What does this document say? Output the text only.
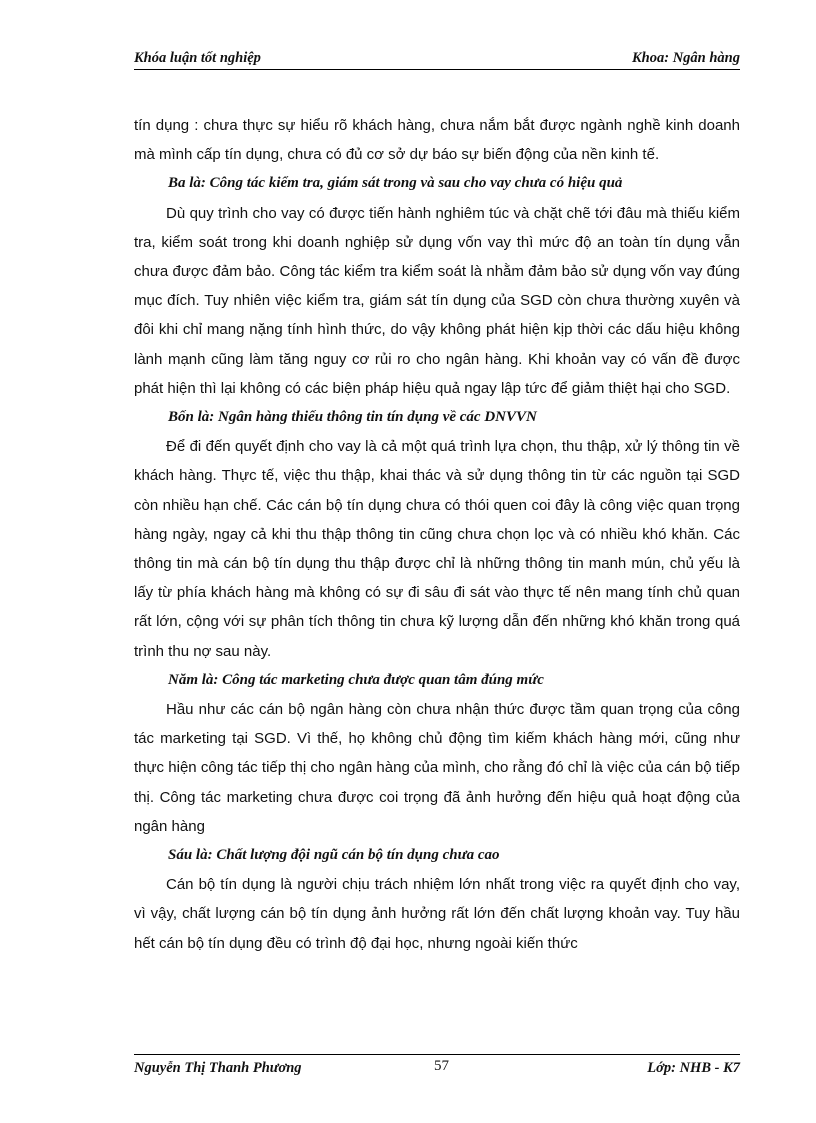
Khóa luận tốt nghiệp	Khoa: Ngân hàng

tín dụng : chưa thực sự hiểu rõ khách hàng, chưa nắm bắt được ngành nghề kinh doanh mà mình cấp tín dụng, chưa có đủ cơ sở dự báo sự biến động của nền kinh tế.

Ba là: Công tác kiểm tra, giám sát trong và sau cho vay chưa có hiệu quả

Dù quy trình cho vay có được tiến hành nghiêm túc và chặt chẽ tới đâu mà thiếu kiểm tra, kiểm soát trong khi doanh nghiệp sử dụng vốn vay thì mức độ an toàn tín dụng vẫn chưa được đảm bảo. Công tác kiểm tra kiểm soát là nhằm đảm bảo sử dụng vốn vay đúng mục đích. Tuy nhiên việc kiểm tra, giám sát tín dụng của SGD còn chưa thường xuyên và đôi khi chỉ mang nặng tính hình thức, do vậy không phát hiện kịp thời các dấu hiệu không lành mạnh cũng làm tăng nguy cơ rủi ro cho ngân hàng. Khi khoản vay có vấn đề được phát hiện thì lại không có các biện pháp hiệu quả ngay lập tức để giảm thiệt hại cho SGD.

Bốn là: Ngân hàng thiếu thông tin tín dụng về các DNVVN

Để đi đến quyết định cho vay là cả một quá trình lựa chọn, thu thập, xử lý thông tin về khách hàng. Thực tế, việc thu thập, khai thác và sử dụng thông tin từ các nguồn tại SGD còn nhiều hạn chế. Các cán bộ tín dụng chưa có thói quen coi đây là công việc quan trọng hàng ngày, ngay cả khi thu thập thông tin cũng chưa chọn lọc và có nhiều khó khăn. Các thông tin mà cán bộ tín dụng thu thập được chỉ là những thông tin manh mún, chủ yếu là lấy từ phía khách hàng mà không có sự đi sâu đi sát vào thực tế nên mang tính chủ quan rất lớn, cộng với sự phân tích thông tin chưa kỹ lượng dẫn đến những khó khăn trong quá trình thu nợ sau này.

Năm là: Công tác marketing chưa được quan tâm đúng mức

Hầu như các cán bộ ngân hàng còn chưa nhận thức được tầm quan trọng của công tác marketing tại SGD. Vì thế, họ không chủ động tìm kiếm khách hàng mới, cũng như thực hiện công tác tiếp thị cho ngân hàng của mình, cho rằng đó chỉ là việc của cán bộ tiếp thị. Công tác marketing chưa được coi trọng đã ảnh hưởng đến hiệu quả hoạt động của ngân hàng

Sáu là: Chất lượng đội ngũ cán bộ tín dụng chưa cao

Cán bộ tín dụng là người chịu trách nhiệm lớn nhất trong việc ra quyết định cho vay, vì vậy, chất lượng cán bộ tín dụng ảnh hưởng rất lớn đến chất lượng khoản vay. Tuy hầu hết cán bộ tín dụng đều có trình độ đại học, nhưng ngoài kiến thức

Nguyễn Thị Thanh Phương	57	Lớp: NHB - K7
